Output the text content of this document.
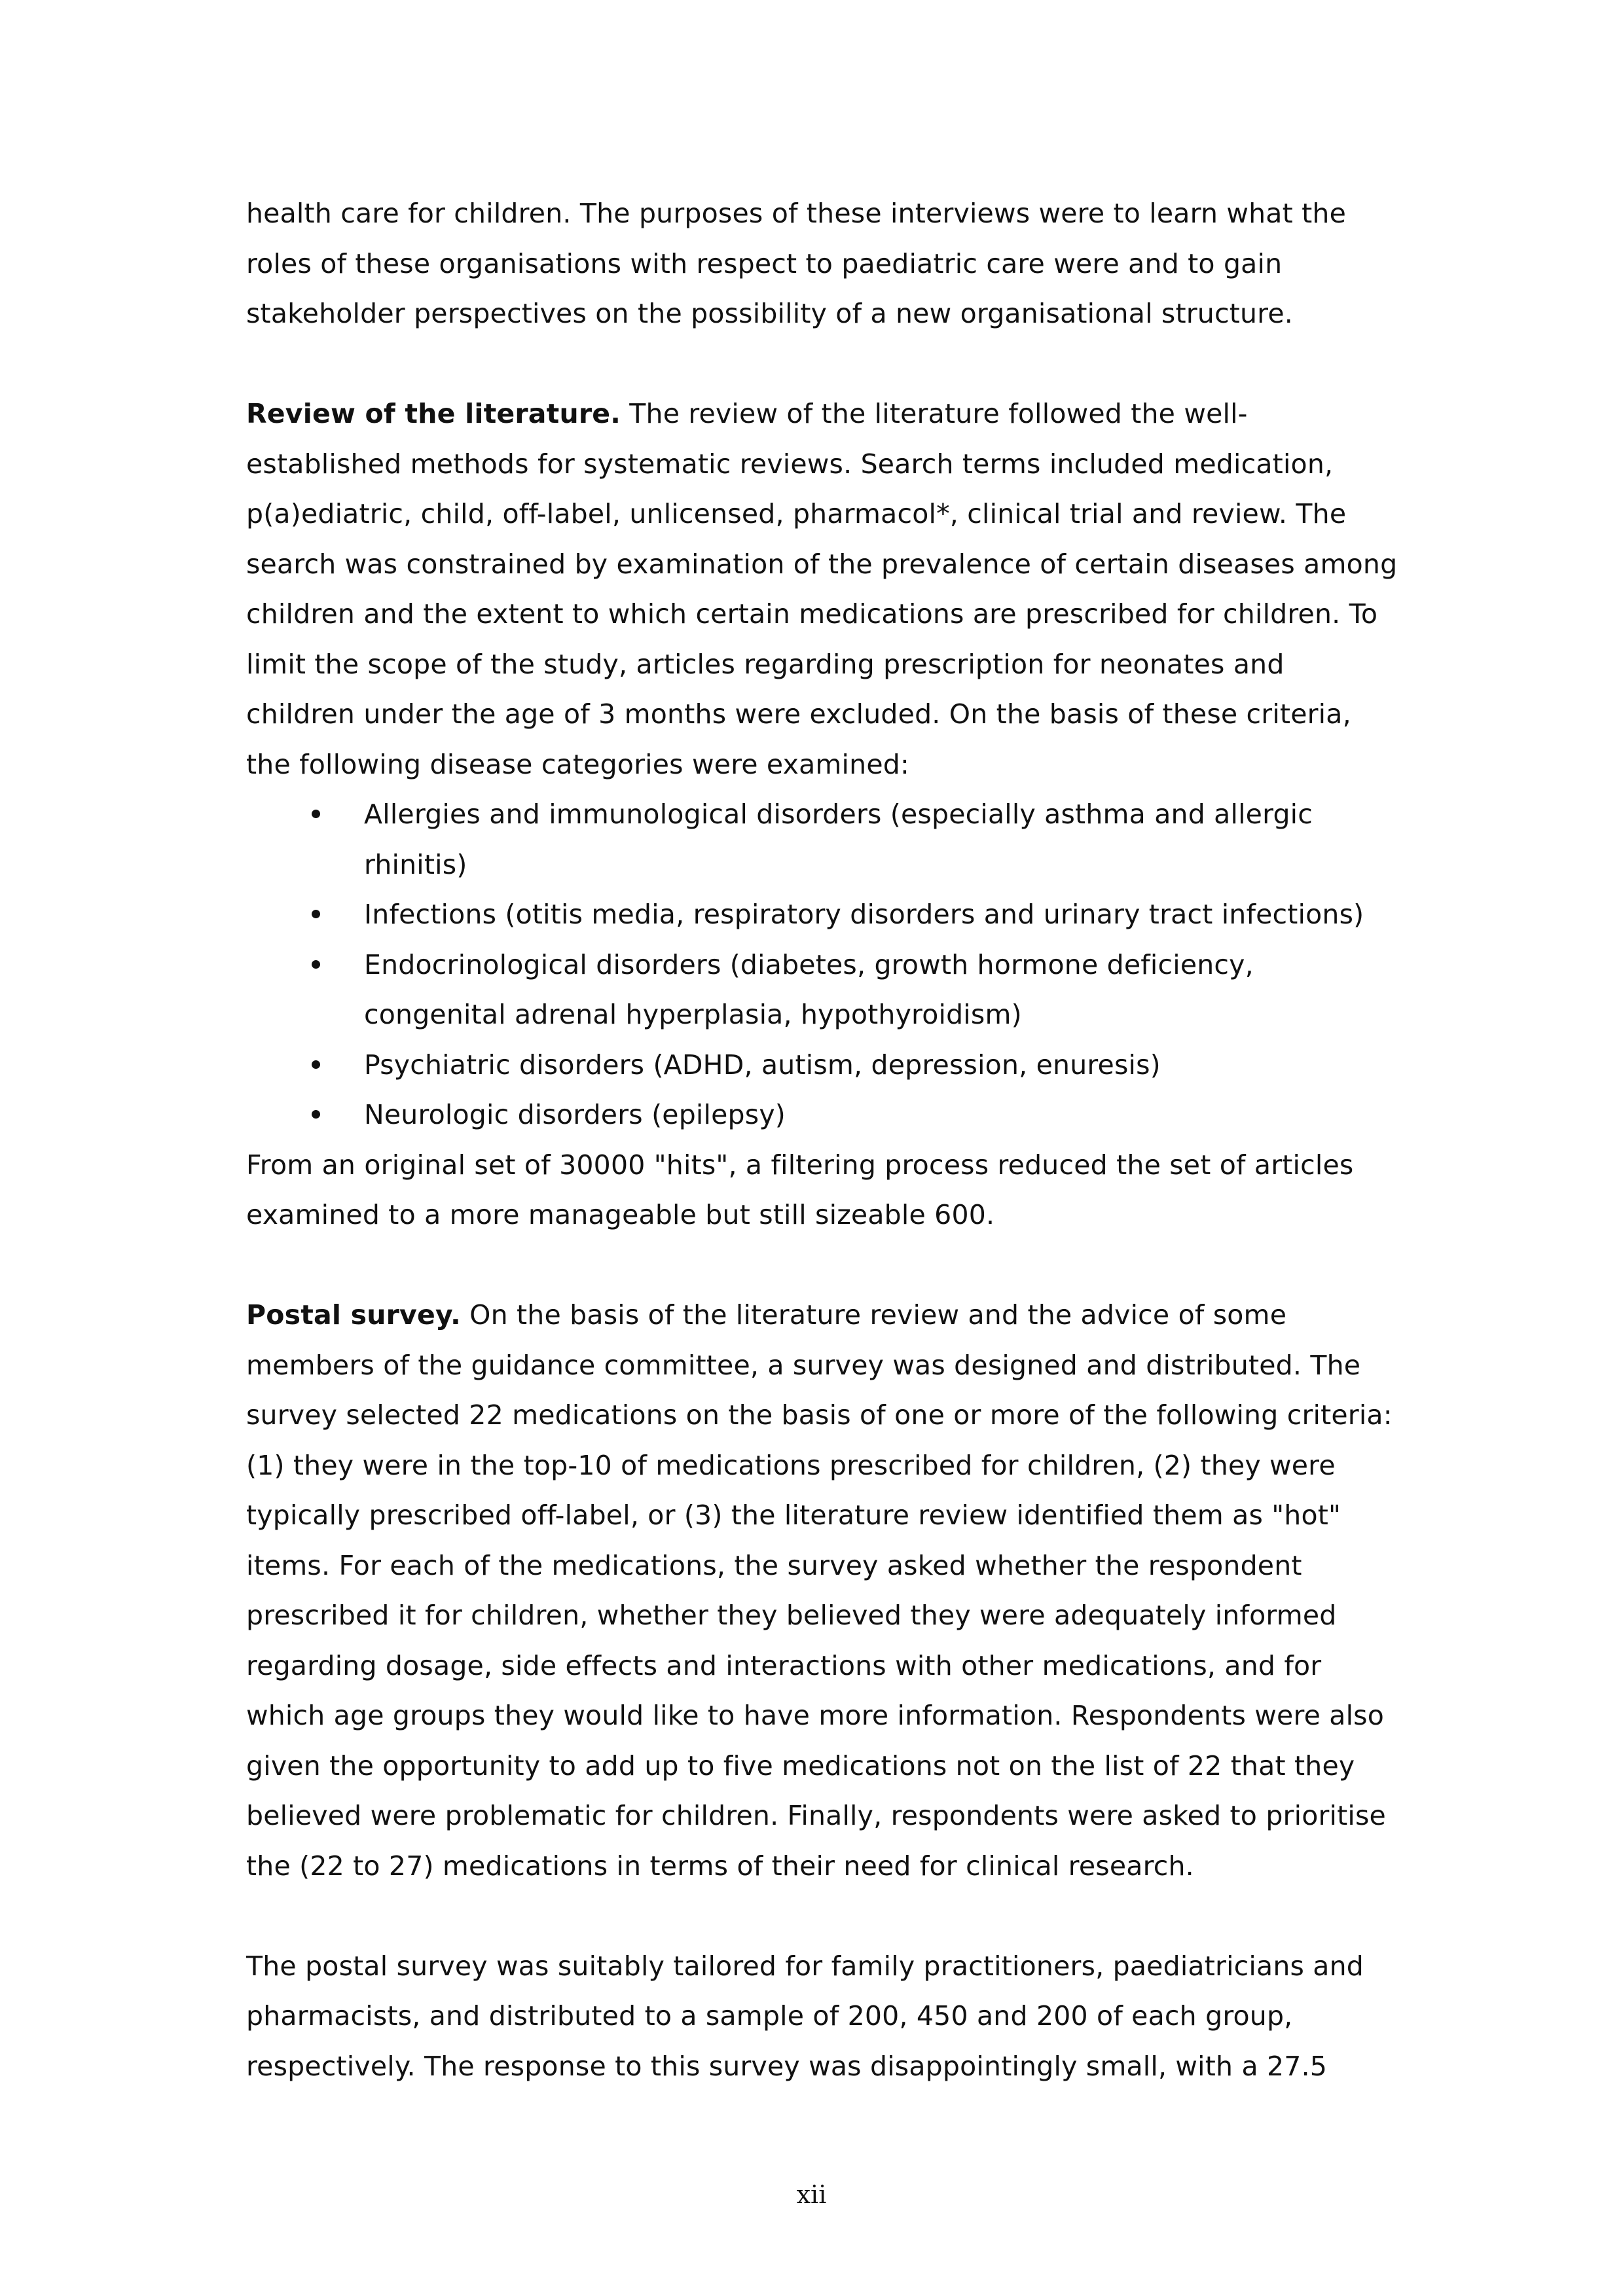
health care for children. The purposes of these interviews were to learn what the roles of these organisations with respect to paediatric care were and to gain stakeholder perspectives on the possibility of a new organisational structure.

Review of the literature. The review of the literature followed the well-established methods for systematic reviews. Search terms included medication, p(a)ediatric, child, off-label, unlicensed, pharmacol*, clinical trial and review. The search was constrained by examination of the prevalence of certain diseases among children and the extent to which certain medications are prescribed for children. To limit the scope of the study, articles regarding prescription for neonates and children under the age of 3 months were excluded. On the basis of these criteria, the following disease categories were examined:

Allergies and immunological disorders (especially asthma and allergic rhinitis)
Infections (otitis media, respiratory disorders and urinary tract infections)
Endocrinological disorders (diabetes, growth hormone deficiency, congenital adrenal hyperplasia, hypothyroidism)
Psychiatric disorders (ADHD, autism, depression, enuresis)
Neurologic disorders (epilepsy)

From an original set of 30000 "hits", a filtering process reduced the set of articles examined to a more manageable but still sizeable 600.

Postal survey. On the basis of the literature review and the advice of some members of the guidance committee, a survey was designed and distributed. The survey selected 22 medications on the basis of one or more of the following criteria: (1) they were in the top-10 of medications prescribed for children, (2) they were typically prescribed off-label, or (3) the literature review identified them as "hot" items. For each of the medications, the survey asked whether the respondent prescribed it for children, whether they believed they were adequately informed regarding dosage, side effects and interactions with other medications, and for which age groups they would like to have more information. Respondents were also given the opportunity to add up to five medications not on the list of 22 that they believed were problematic for children. Finally, respondents were asked to prioritise the (22 to 27) medications in terms of their need for clinical research.

The postal survey was suitably tailored for family practitioners, paediatricians and pharmacists, and distributed to a sample of 200, 450 and 200 of each group, respectively. The response to this survey was disappointingly small, with a 27.5

xii
